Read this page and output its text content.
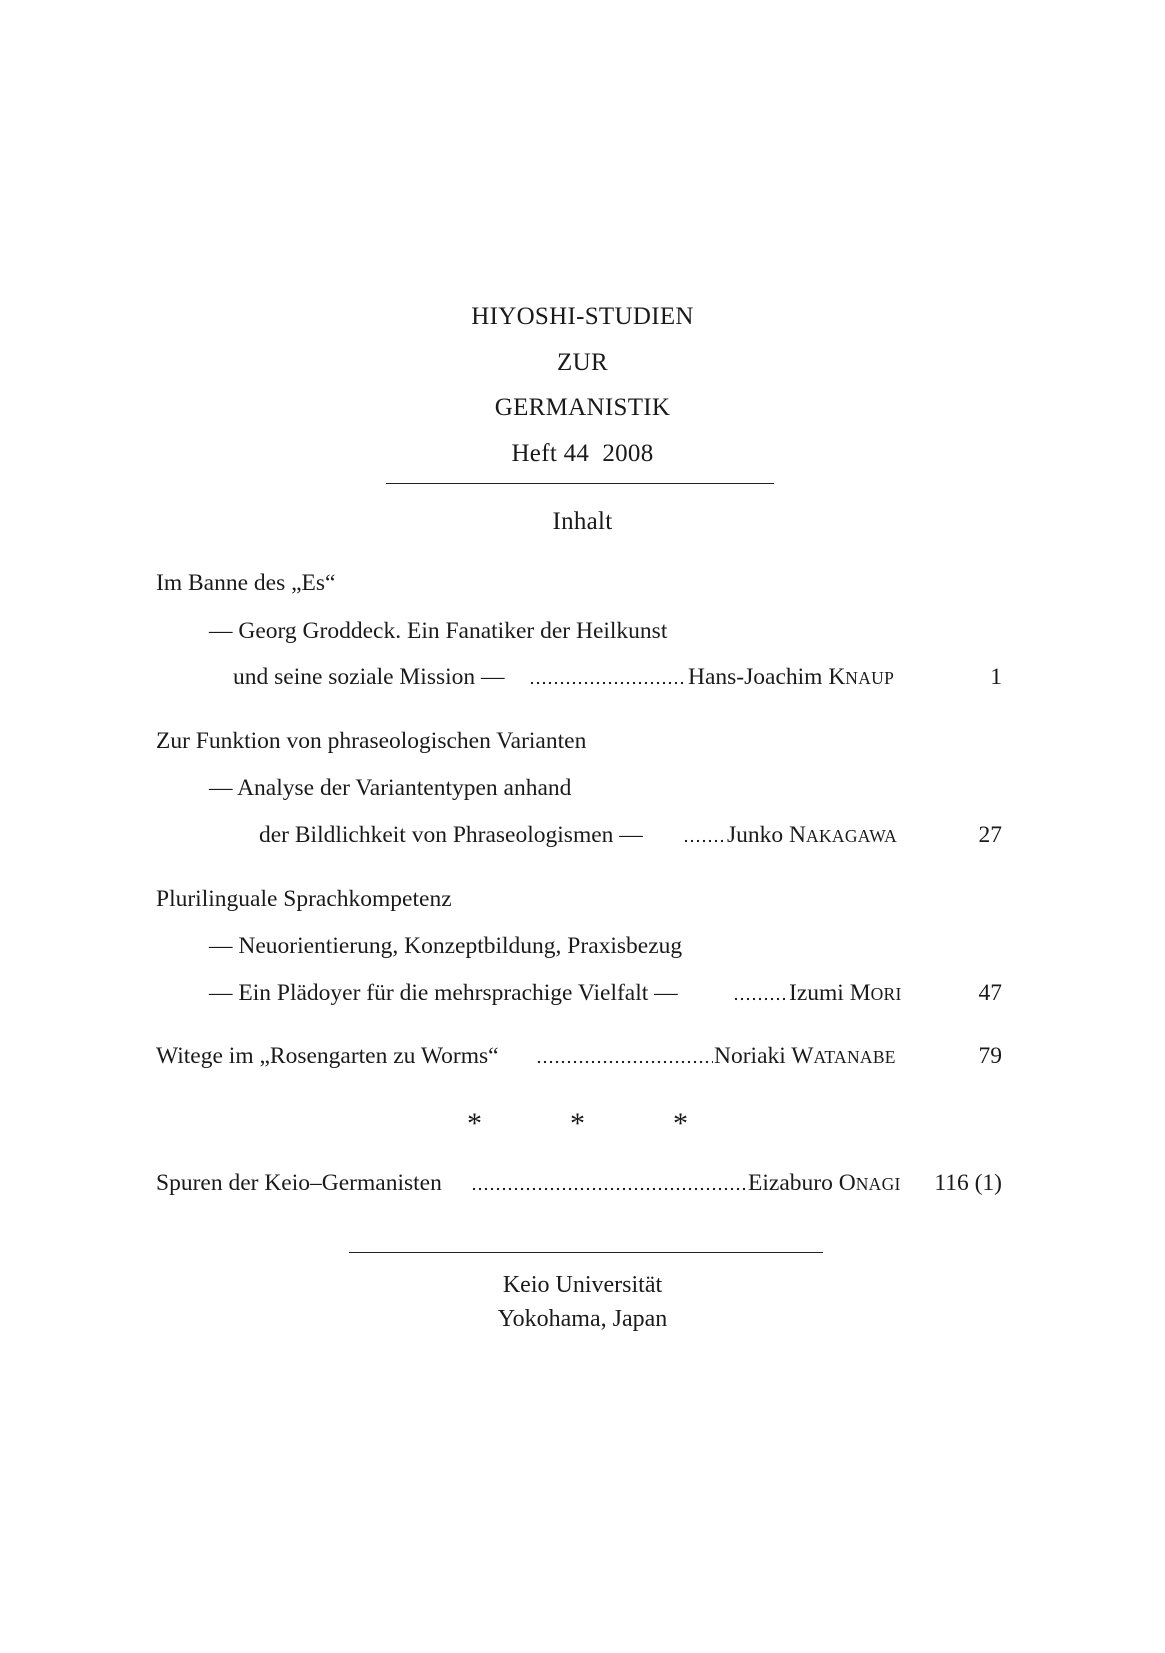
HIYOSHI-STUDIEN
ZUR
GERMANISTIK
Heft 44  2008
Inhalt
Im Banne des „Es“
— Georg Groddeck. Ein Fanatiker der Heilkunst
und seine soziale Mission —	Hans-Joachim KNAUP	1
Zur Funktion von phraseologischen Varianten
— Analyse der Variantentypen anhand
der Bildlichkeit von Phraseologismen —	Junko NAKAGAWA	27
Plurilinguale Sprachkompetenz
— Neuorientierung, Konzeptbildung, Praxisbezug
— Ein Plädoyer für die mehrsprachige Vielfalt —	Izumi MORI	47
Witege im „Rosengarten zu Worms“	Noriaki WATANABE	79
*	*	*
Spuren der Keio–Germanisten	Eizaburo ONAGI 116 (1)
Keio Universität
Yokohama, Japan
